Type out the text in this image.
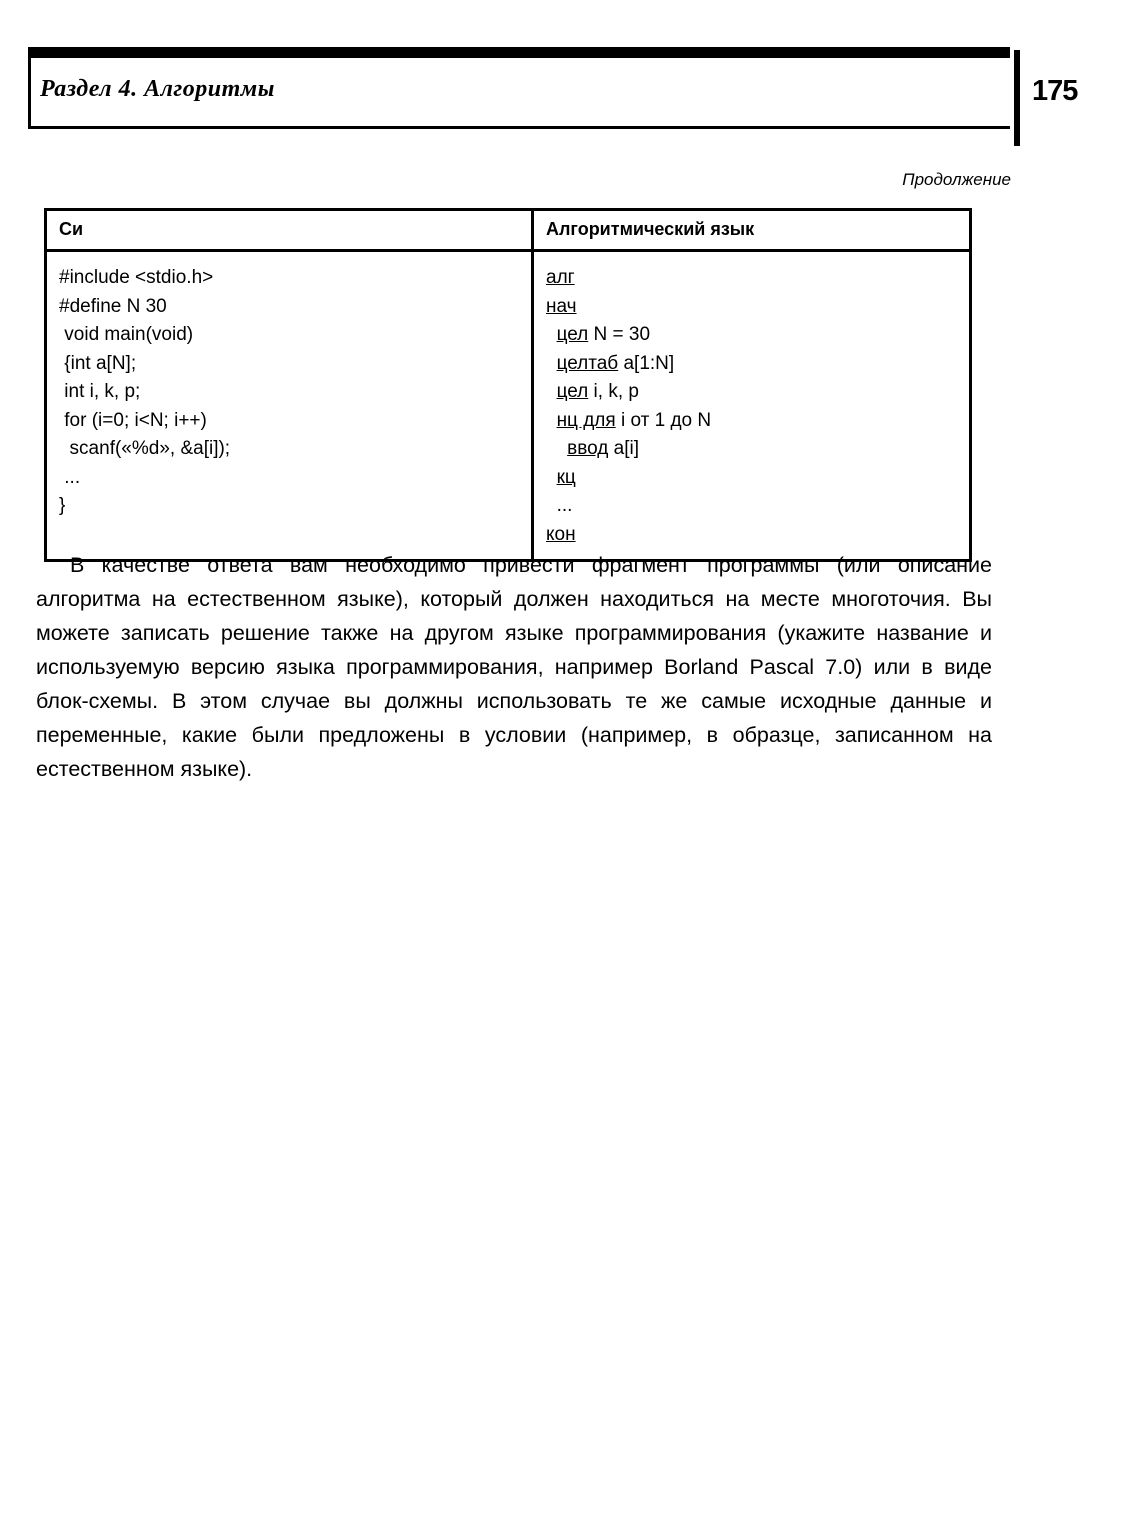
Раздел 4. Алгоритмы	175
Продолжение
Си	Алгоритмический язык
#include <stdio.h>
#define N 30
void main(void)
{int a[N];
int i, k, p;
for (i=0; i<N; i++)
scanf(«%d», &a[i]);
...
}
алг
нач
цел N = 30
целтаб a[1:N]
цел i, k, p
нц для i от 1 до N
ввод a[i]
кц
...
кон
В качестве ответа вам необходимо привести фрагмент программы (или описание алгоритма на естественном языке), который должен находиться на месте многоточия. Вы можете записать решение также на другом языке программирования (укажите название и используемую версию языка программирования, например Borland Pascal 7.0) или в виде блок-схемы. В этом случае вы должны использовать те же самые исходные данные и переменные, какие были предложены в условии (например, в образце, записанном на естественном языке).
